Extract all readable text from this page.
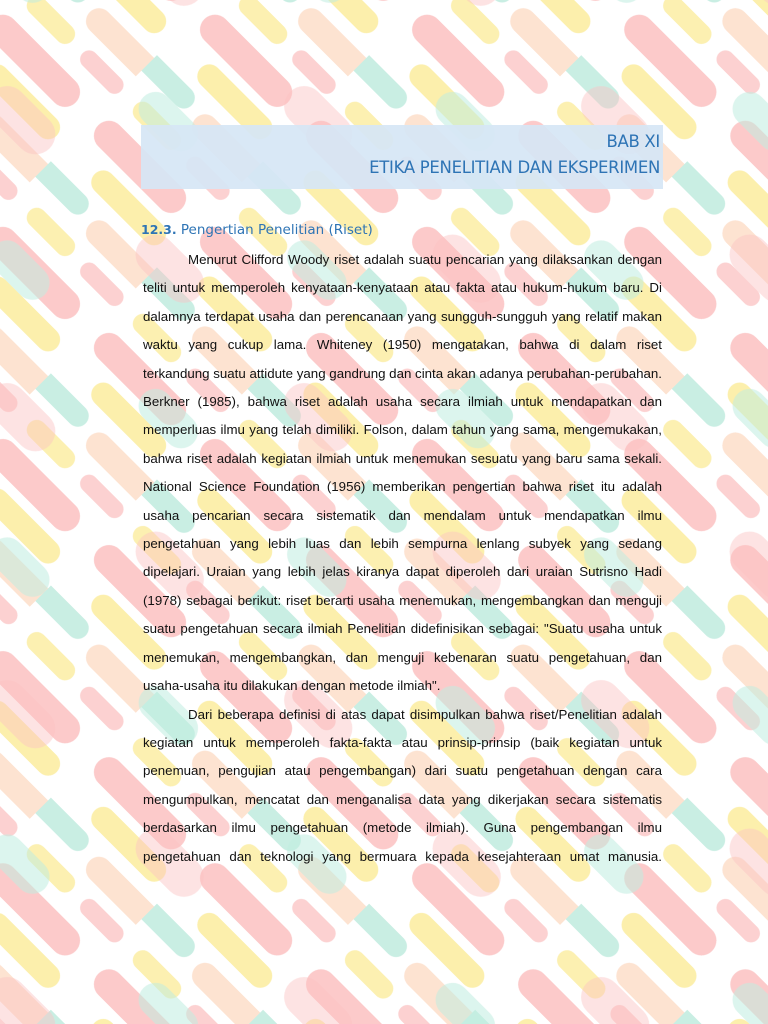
BAB XI
ETIKA PENELITIAN DAN EKSPERIMEN
12.3. Pengertian Penelitian (Riset)

Menurut Clifford Woody riset adalah suatu pencarian yang dilaksankan dengan teliti untuk memperoleh kenyataan-kenyataan atau fakta atau hukum-hukum baru. Di dalamnya terdapat usaha dan perencanaan yang sungguh-sungguh yang relatif makan waktu yang cukup lama. Whiteney (1950) mengatakan, bahwa di dalam riset terkandung suatu attidute yang gandrung dan cinta akan adanya perubahan-perubahan. Berkner (1985), bahwa riset adalah usaha secara ilmiah untuk mendapatkan dan memperluas ilmu yang telah dimiliki. Folson, dalam tahun yang sama, mengemukakan, bahwa riset adalah kegiatan ilmiah untuk menemukan sesuatu yang baru sama sekali. National Science Foundation (1956) memberikan pengertian bahwa riset itu adalah usaha pencarian secara sistematik dan mendalam untuk mendapatkan ilmu pengetahuan yang lebih luas dan lebih sempurna lenlang subyek yang sedang dipelajari. Uraian yang lebih jelas kiranya dapat diperoleh dari uraian Sutrisno Hadi (1978) sebagai berikut: riset berarti usaha menemukan, mengembangkan dan menguji suatu pengetahuan secara ilmiah Penelitian didefinisikan sebagai: "Suatu usaha untuk menemukan, mengembangkan, dan menguji kebenaran suatu pengetahuan, dan usaha-usaha itu dilakukan dengan metode ilmiah".

Dari beberapa definisi di atas dapat disimpulkan bahwa riset/Penelitian adalah kegiatan untuk memperoleh fakta-fakta atau prinsip-prinsip (baik kegiatan untuk penemuan, pengujian atau pengembangan) dari suatu pengetahuan dengan cara mengumpulkan, mencatat dan menganalisa data yang dikerjakan secara sistematis berdasarkan ilmu pengetahuan (metode ilmiah). Guna pengembangan ilmu pengetahuan dan teknologi yang bermuara kepada kesejahteraan umat manusia.
